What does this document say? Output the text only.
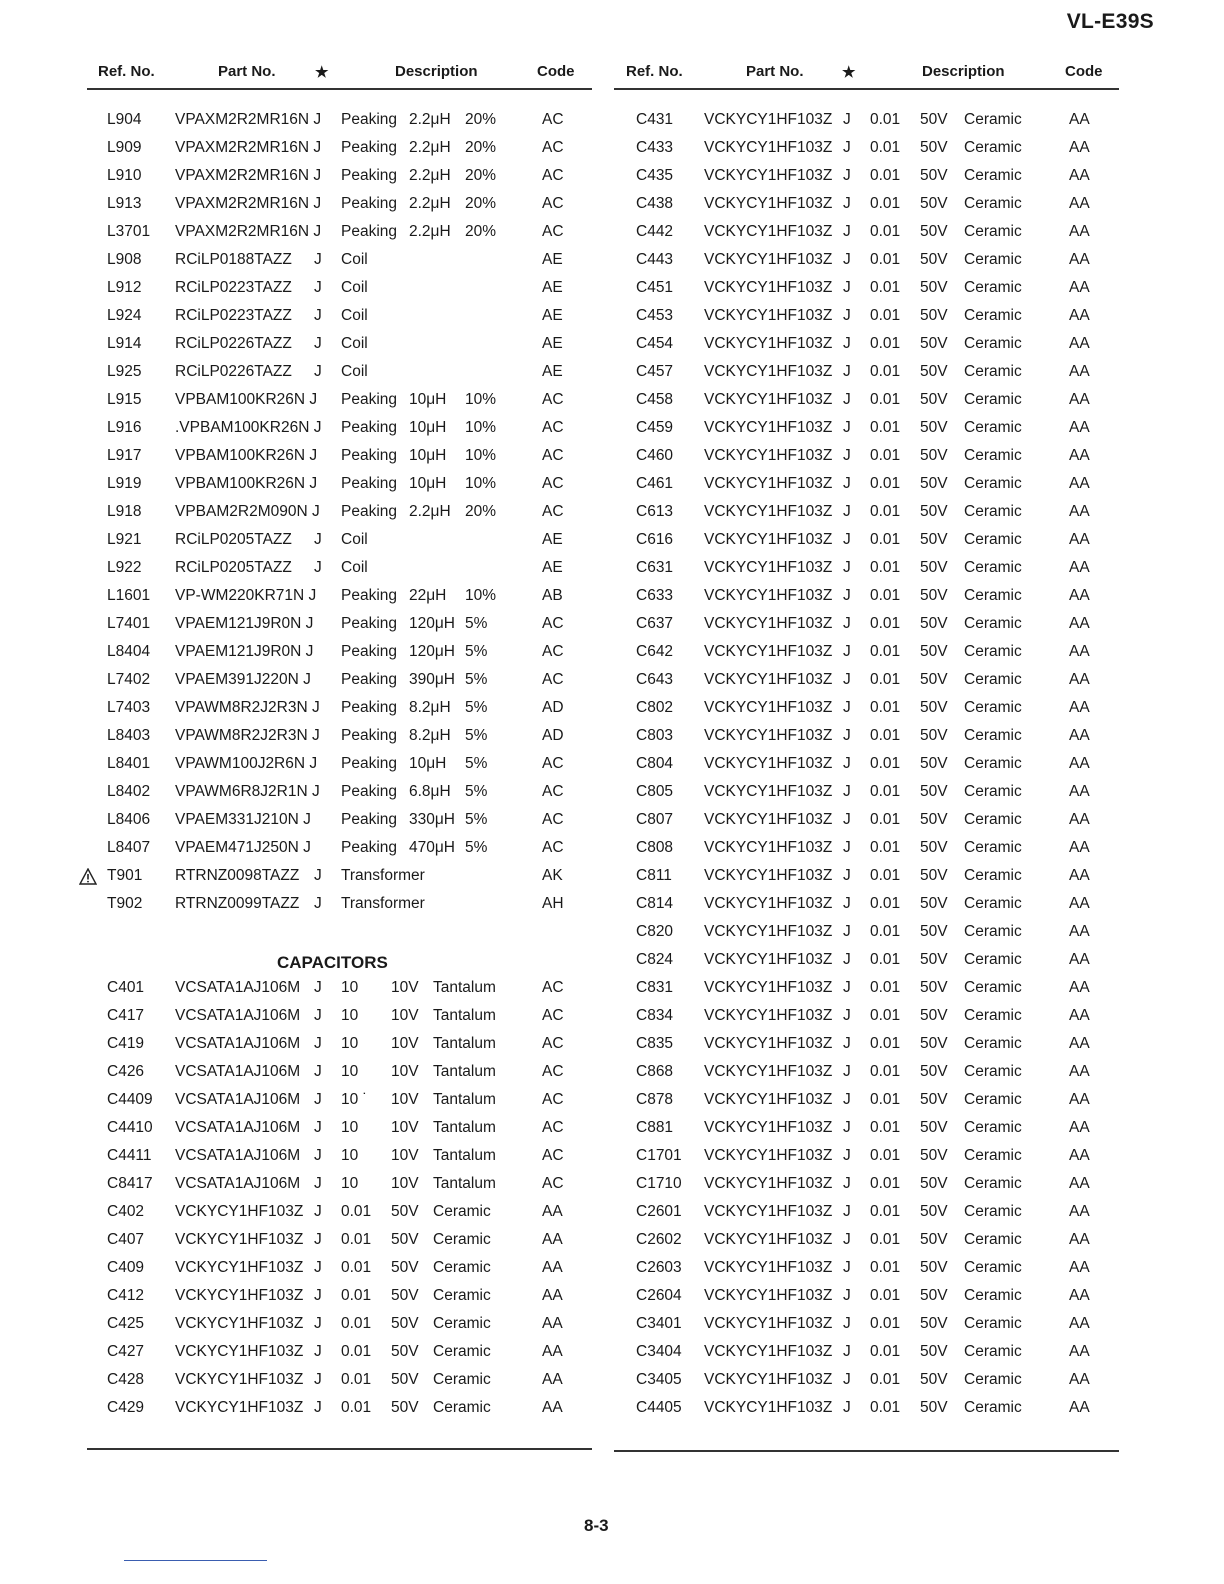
VL-E39S
Ref. No.	Part No.	★	Description	Code
L904 VPAXM2R2MR16N J Peaking 2.2μH 20%	AC
L909 VPAXM2R2MR16N J Peaking 2.2μH 20%	AC
L910 VPAXM2R2MR16N J Peaking 2.2μH 20%	AC
L913 VPAXM2R2MR16N J Peaking 2.2μH 20%	AC
L3701 VPAXM2R2MR16N J Peaking 2.2μH 20%	AC
L908 RCiLP0188TAZZ J Coil	AE
L912 RCiLP0223TAZZ J Coil	AE
L924 RCiLP0223TAZZ J Coil	AE
L914 RCiLP0226TAZZ J Coil	AE
L925 RCiLP0226TAZZ J Coil	AE
L915 VPBAM100KR26N J Peaking 10μH 10%	AC
L916 .VPBAM100KR26N J Peaking 10μH 10%	AC
L917 VPBAM100KR26N J Peaking 10μH 10%	AC
L919 VPBAM100KR26N J Peaking 10μH 10%	AC
L918 VPBAM2R2M090N J Peaking 2.2μH 20%	AC
L921 RCiLP0205TAZZ J Coil	AE
L922 RCiLP0205TAZZ J Coil	AE
L1601 VP-WM220KR71N J Peaking 22μH 10%	AB
L7401 VPAEM121J9R0N J Peaking 120μH 5%	AC
L8404 VPAEM121J9R0N J Peaking 120μH 5%	AC
L7402 VPAEM391J220N J Peaking 390μH 5%	AC
L7403 VPAWM8R2J2R3N J Peaking 8.2μH 5%	AD
L8403 VPAWM8R2J2R3N J Peaking 8.2μH 5%	AD
L8401 VPAWM100J2R6N J Peaking 10μH 5%	AC
L8402 VPAWM6R8J2R1N J Peaking 6.8μH 5%	AC
L8406 VPAEM331J210N J Peaking 330μH 5%	AC
L8407 VPAEM471J250N J Peaking 470μH 5%	AC
T901 RTRNZ0098TAZZ J Transformer	AK
T902 RTRNZ0099TAZZ J Transformer	AH
CAPACITORS
C401 VCSATA1AJ106M J 10 10V Tantalum	AC
C417 VCSATA1AJ106M J 10 10V Tantalum	AC
C419 VCSATA1AJ106M J 10 10V Tantalum	AC
C426 VCSATA1AJ106M J 10 10V Tantalum	AC
C4409 VCSATA1AJ106M J 10 ˙ 10V Tantalum	AC
C4410 VCSATA1AJ106M J 10 10V Tantalum	AC
C4411 VCSATA1AJ106M J 10 10V Tantalum	AC
C8417 VCSATA1AJ106M J 10 10V Tantalum	AC
C402 VCKYCY1HF103Z J 0.01 50V Ceramic	AA
C407 VCKYCY1HF103Z J 0.01 50V Ceramic	AA
C409 VCKYCY1HF103Z J 0.01 50V Ceramic	AA
C412 VCKYCY1HF103Z J 0.01 50V Ceramic	AA
C425 VCKYCY1HF103Z J 0.01 50V Ceramic	AA
C427 VCKYCY1HF103Z J 0.01 50V Ceramic	AA
C428 VCKYCY1HF103Z J 0.01 50V Ceramic	AA
C429 VCKYCY1HF103Z J 0.01 50V Ceramic	AA
Ref. No.	Part No.	★	Description	Code
C431 VCKYCY1HF103Z J 0.01 50V Ceramic	AA
C433 VCKYCY1HF103Z J 0.01 50V Ceramic	AA
C435 VCKYCY1HF103Z J 0.01 50V Ceramic	AA
C438 VCKYCY1HF103Z J 0.01 50V Ceramic	AA
C442 VCKYCY1HF103Z J 0.01 50V Ceramic	AA
C443 VCKYCY1HF103Z J 0.01 50V Ceramic	AA
C451 VCKYCY1HF103Z J 0.01 50V Ceramic	AA
C453 VCKYCY1HF103Z J 0.01 50V Ceramic	AA
C454 VCKYCY1HF103Z J 0.01 50V Ceramic	AA
C457 VCKYCY1HF103Z J 0.01 50V Ceramic	AA
C458 VCKYCY1HF103Z J 0.01 50V Ceramic	AA
C459 VCKYCY1HF103Z J 0.01 50V Ceramic	AA
C460 VCKYCY1HF103Z J 0.01 50V Ceramic	AA
C461 VCKYCY1HF103Z J 0.01 50V Ceramic	AA
C613 VCKYCY1HF103Z J 0.01 50V Ceramic	AA
C616 VCKYCY1HF103Z J 0.01 50V Ceramic	AA
C631 VCKYCY1HF103Z J 0.01 50V Ceramic	AA
C633 VCKYCY1HF103Z J 0.01 50V Ceramic	AA
C637 VCKYCY1HF103Z J 0.01 50V Ceramic	AA
C642 VCKYCY1HF103Z J 0.01 50V Ceramic	AA
C643 VCKYCY1HF103Z J 0.01 50V Ceramic	AA
C802 VCKYCY1HF103Z J 0.01 50V Ceramic	AA
C803 VCKYCY1HF103Z J 0.01 50V Ceramic	AA
C804 VCKYCY1HF103Z J 0.01 50V Ceramic	AA
C805 VCKYCY1HF103Z J 0.01 50V Ceramic	AA
C807 VCKYCY1HF103Z J 0.01 50V Ceramic	AA
C808 VCKYCY1HF103Z J 0.01 50V Ceramic	AA
C811 VCKYCY1HF103Z J 0.01 50V Ceramic	AA
C814 VCKYCY1HF103Z J 0.01 50V Ceramic	AA
C820 VCKYCY1HF103Z J 0.01 50V Ceramic	AA
C824 VCKYCY1HF103Z J 0.01 50V Ceramic	AA
C831 VCKYCY1HF103Z J 0.01 50V Ceramic	AA
C834 VCKYCY1HF103Z J 0.01 50V Ceramic	AA
C835 VCKYCY1HF103Z J 0.01 50V Ceramic	AA
C868 VCKYCY1HF103Z J 0.01 50V Ceramic	AA
C878 VCKYCY1HF103Z J 0.01 50V Ceramic	AA
C881 VCKYCY1HF103Z J 0.01 50V Ceramic	AA
C1701 VCKYCY1HF103Z J 0.01 50V Ceramic	AA
C1710 VCKYCY1HF103Z J 0.01 50V Ceramic	AA
C2601 VCKYCY1HF103Z J 0.01 50V Ceramic	AA
C2602 VCKYCY1HF103Z J 0.01 50V Ceramic	AA
C2603 VCKYCY1HF103Z J 0.01 50V Ceramic	AA
C2604 VCKYCY1HF103Z J 0.01 50V Ceramic	AA
C3401 VCKYCY1HF103Z J 0.01 50V Ceramic	AA
C3404 VCKYCY1HF103Z J 0.01 50V Ceramic	AA
C3405 VCKYCY1HF103Z J 0.01 50V Ceramic	AA
C4405 VCKYCY1HF103Z J 0.01 50V Ceramic	AA
8-3
